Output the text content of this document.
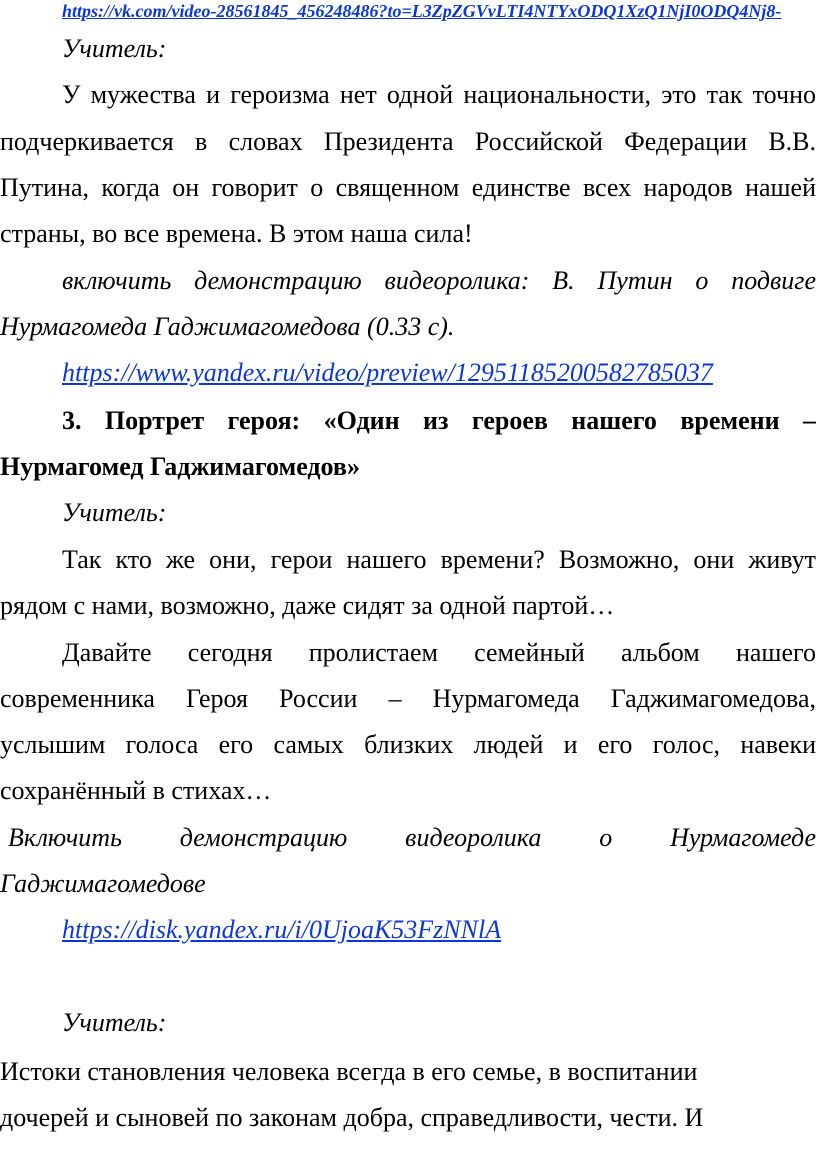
https://vk.com/video-28561845_456248486?to=L3ZpZGVvLTI4NTYxODQ1XzQ1NjI0ODQ4Nj8-
Учитель:
У мужества и героизма нет одной национальности, это так точно
подчеркивается в словах Президента Российской Федерации В.В.
Путина, когда он говорит о священном единстве всех народов нашей
страны, во все времена. В этом наша сила!
включить демонстрацию видеоролика: В. Путин о подвиге
Нурмагомеда Гаджимагомедова (0.33 с).
https://www.yandex.ru/video/preview/12951185200582785037
3. Портрет героя: «Один из героев нашего времени –
Нурмагомед Гаджимагомедов»
Учитель:
Так кто же они, герои нашего времени? Возможно, они живут
рядом с нами, возможно, даже сидят за одной партой…
Давайте сегодня пролистаем семейный альбом нашего
современника Героя России – Нурмагомеда Гаджимагомедова,
услышим голоса его самых близких людей и его голос, навеки
сохранённый в стихах…
Включить демонстрацию видеоролика о Нурмагомеде
Гаджимагомедове
https://disk.yandex.ru/i/0UjoaK53FzNNlA
Учитель:
Истоки становления человека всегда в его семье, в воспитании
дочерей и сыновей по законам добра, справедливости, чести. И
